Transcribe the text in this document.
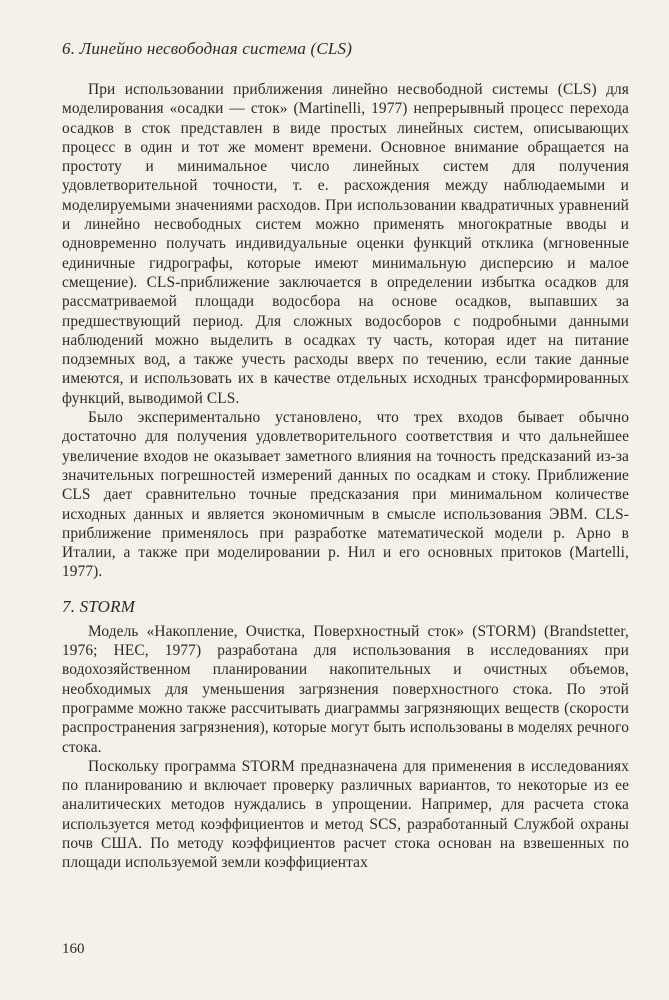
6. Линейно несвободная система (CLS)

При использовании приближения линейно несвободной системы (CLS) для моделирования «осадки — сток» (Martinelli, 1977) непрерывный процесс перехода осадков в сток представлен в виде простых линейных систем, описывающих процесс в один и тот же момент времени. Основное внимание обращается на простоту и минимальное число линейных систем для получения удовлетворительной точности, т. е. расхождения между наблюдаемыми и моделируемыми значениями расходов. При использовании квадратичных уравнений и линейно несвободных систем можно применять многократные вводы и одновременно получать индивидуальные оценки функций отклика (мгновенные единичные гидрографы, которые имеют минимальную дисперсию и малое смещение). CLS-приближение заключается в определении избытка осадков для рассматриваемой площади водосбора на основе осадков, выпавших за предшествующий период. Для сложных водосборов с подробными данными наблюдений можно выделить в осадках ту часть, которая идет на питание подземных вод, а также учесть расходы вверх по течению, если такие данные имеются, и использовать их в качестве отдельных исходных трансформированных функций, выводимой CLS.

Было экспериментально установлено, что трех входов бывает обычно достаточно для получения удовлетворительного соответствия и что дальнейшее увеличение входов не оказывает заметного влияния на точность предсказаний из-за значительных погрешностей измерений данных по осадкам и стоку. Приближение CLS дает сравнительно точные предсказания при минимальном количестве исходных данных и является экономичным в смысле использования ЭВМ. CLS-приближение применялось при разработке математической модели р. Арно в Италии, а также при моделировании р. Нил и его основных притоков (Martelli, 1977).

7. STORM

Модель «Накопление, Очистка, Поверхностный сток» (STORM) (Brandstetter, 1976; HEC, 1977) разработана для использования в исследованиях при водохозяйственном планировании накопительных и очистных объемов, необходимых для уменьшения загрязнения поверхностного стока. По этой программе можно также рассчитывать диаграммы загрязняющих веществ (скорости распространения загрязнения), которые могут быть использованы в моделях речного стока.

Поскольку программа STORM предназначена для применения в исследованиях по планированию и включает проверку различных вариантов, то некоторые из ее аналитических методов нуждались в упрощении. Например, для расчета стока используется метод коэффициентов и метод SCS, разработанный Службой охраны почв США. По методу коэффициентов расчет стока основан на взвешенных по площади используемой земли коэффициентах

160
